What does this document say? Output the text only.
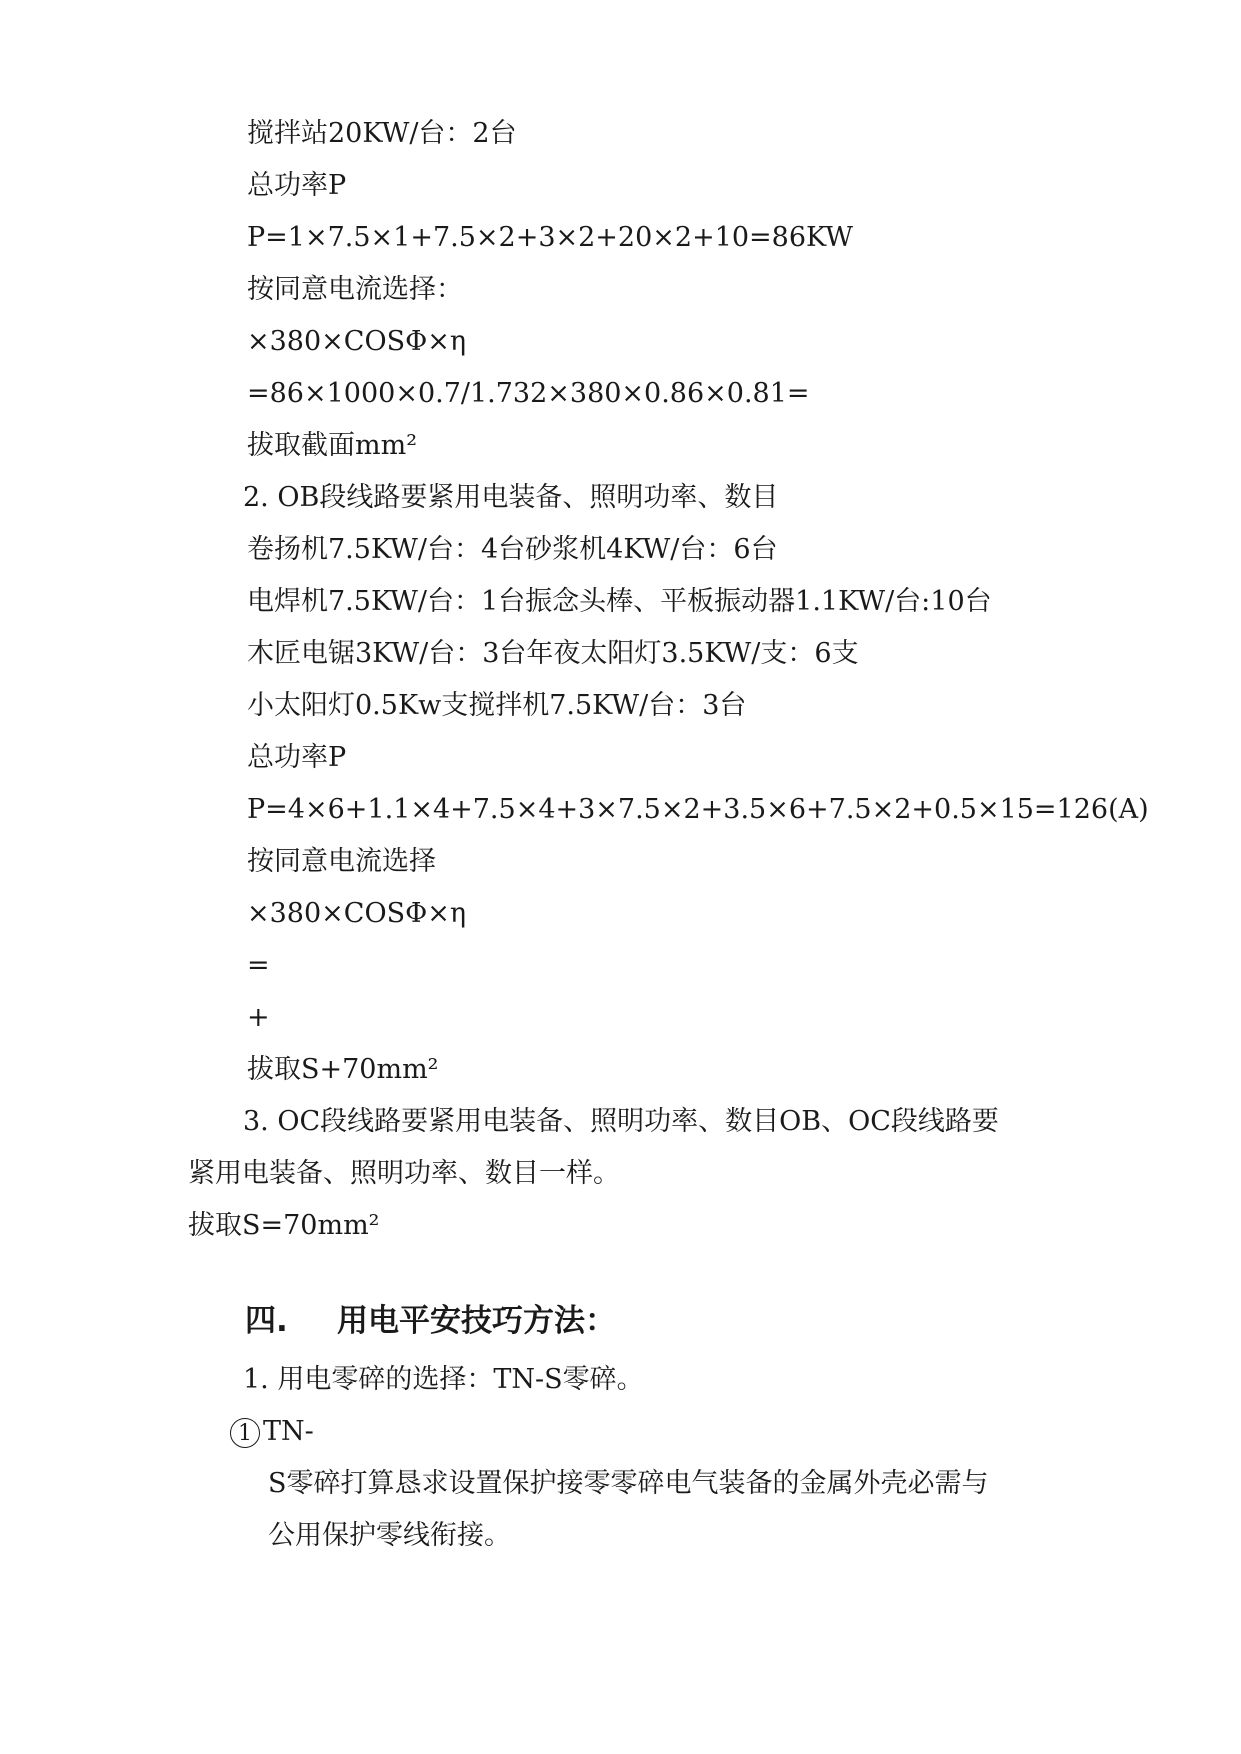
搅拌站20KW/台：2台
总功率P
P=1×7.5×1+7.5×2+3×2+20×2+10=86KW
按同意电流选择：
×380×COSΦ×η
=86×1000×0.7/1.732×380×0.86×0.81=
拔取截面mm²
2. OB段线路要紧用电装备、照明功率、数目
卷扬机7.5KW/台：4台砂浆机4KW/台：6台
电焊机7.5KW/台：1台振念头棒、平板振动器1.1KW/台:10台
木匠电锯3KW/台：3台年夜太阳灯3.5KW/支：6支
小太阳灯0.5Kw支搅拌机7.5KW/台：3台
总功率P
P=4×6+1.1×4+7.5×4+3×7.5×2+3.5×6+7.5×2+0.5×15=126(A)
按同意电流选择
×380×COSΦ×η
=
+
拔取S+70mm²
3. OC段线路要紧用电装备、照明功率、数目OB、OC段线路要
紧用电装备、照明功率、数目一样。
拔取S=70mm²
四. 用电平安技巧方法：
1. 用电零碎的选择：TN-S零碎。
1 TN-
S零碎打算恳求设置保护接零零碎电气装备的金属外壳必需与
公用保护零线衔接。
